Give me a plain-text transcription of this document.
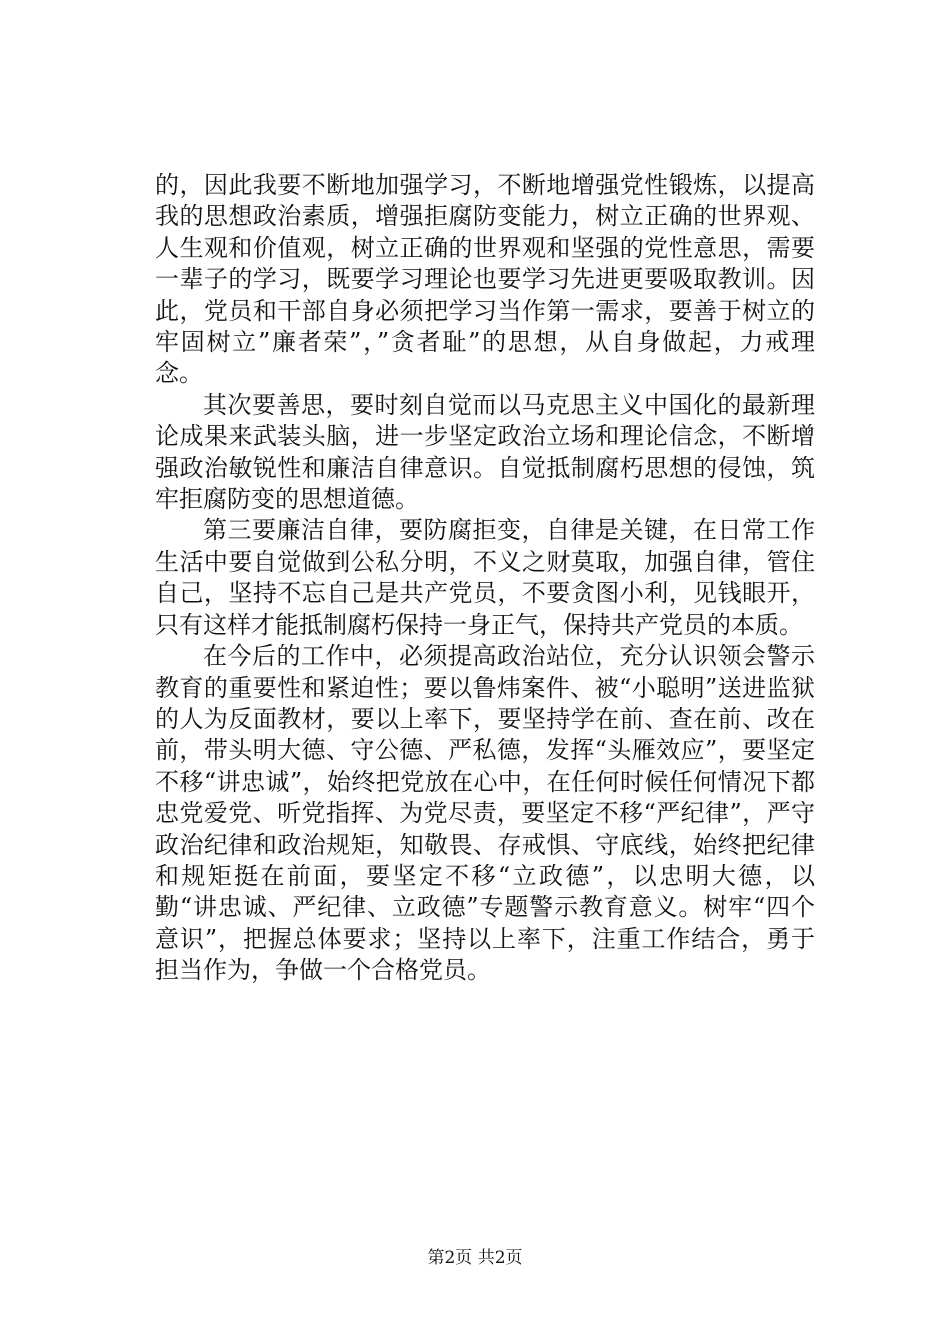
的，因此我要不断地加强学习，不断地增强党性锻炼，以提高我的思想政治素质，增强拒腐防变能力，树立正确的世界观、人生观和价值观，树立正确的世界观和坚强的党性意思，需要一辈子的学习，既要学习理论也要学习先进更要吸取教训。因此，党员和干部自身必须把学习当作第一需求，要善于树立的牢固树立”廉者荣”，”贪者耻”的思想，从自身做起，力戒理念。

其次要善思，要时刻自觉而以马克思主义中国化的最新理论成果来武装头脑，进一步坚定政治立场和理论信念，不断增强政治敏锐性和廉洁自律意识。自觉抵制腐朽思想的侵蚀，筑牢拒腐防变的思想道德。

第三要廉洁自律，要防腐拒变，自律是关键，在日常工作生活中要自觉做到公私分明，不义之财莫取，加强自律，管住自己，坚持不忘自己是共产党员，不要贪图小利，见钱眼开，只有这样才能抵制腐朽保持一身正气，保持共产党员的本质。

在今后的工作中，必须提高政治站位，充分认识领会警示教育的重要性和紧迫性；要以鲁炜案件、被“小聪明”送进监狱的人为反面教材，要以上率下，要坚持学在前、查在前、改在前，带头明大德、守公德、严私德，发挥“头雁效应”，要坚定不移“讲忠诚”，始终把党放在心中，在任何时候任何情况下都忠党爱党、听党指挥、为党尽责，要坚定不移“严纪律”，严守政治纪律和政治规矩，知敬畏、存戒惧、守底线，始终把纪律和规矩挺在前面，要坚定不移“立政德”，以忠明大德，以勤“讲忠诚、严纪律、立政德”专题警示教育意义。树牢“四个意识”，把握总体要求；坚持以上率下，注重工作结合，勇于担当作为，争做一个合格党员。

第2页 共2页
